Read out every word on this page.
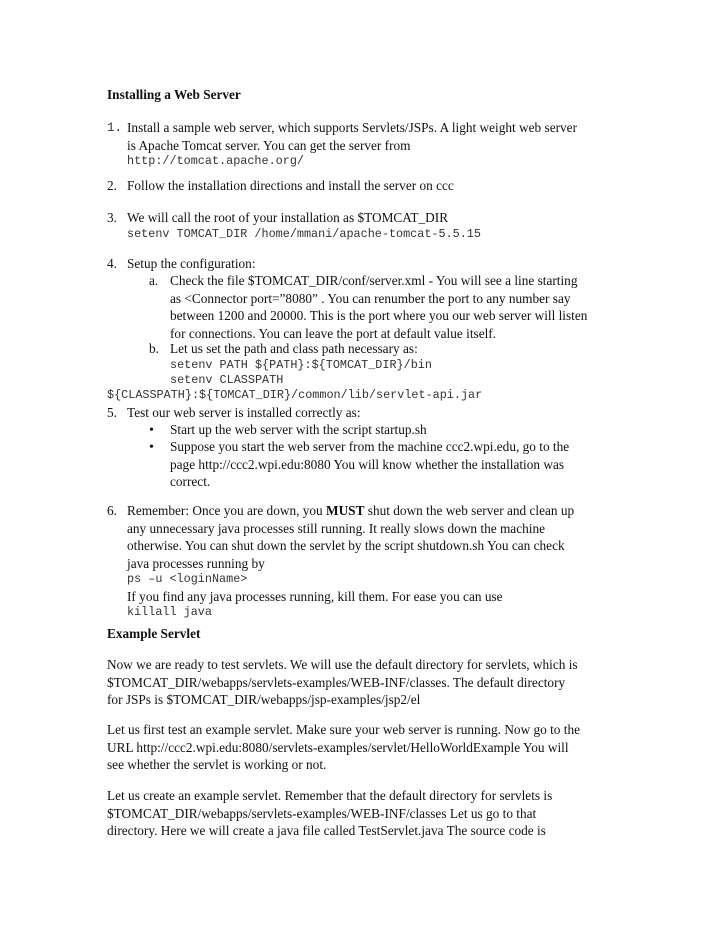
Installing a Web Server
1. Install a sample web server, which supports Servlets/JSPs. A light weight web server
is Apache Tomcat server. You can get the server from
http://tomcat.apache.org/
2. Follow the installation directions and install the server on ccc
3. We will call the root of your installation as $TOMCAT_DIR
setenv TOMCAT_DIR /home/mmani/apache-tomcat-5.5.15
4. Setup the configuration:
a. Check the file $TOMCAT_DIR/conf/server.xml - You will see a line starting
as <Connector port=”8080” . You can renumber the port to any number say
between 1200 and 20000. This is the port where you our web server will listen
for connections. You can leave the port at default value itself.
b. Let us set the path and class path necessary as:
setenv PATH ${PATH}:${TOMCAT_DIR}/bin
setenv CLASSPATH
${CLASSPATH}:${TOMCAT_DIR}/common/lib/servlet-api.jar
5. Test our web server is installed correctly as:
• Start up the web server with the script startup.sh
• Suppose you start the web server from the machine ccc2.wpi.edu, go to the
page http://ccc2.wpi.edu:8080 You will know whether the installation was
correct.
6. Remember: Once you are down, you MUST shut down the web server and clean up
any unnecessary java processes still running. It really slows down the machine
otherwise. You can shut down the servlet by the script shutdown.sh You can check
java processes running by
ps –u <loginName>
If you find any java processes running, kill them. For ease you can use
killall java
Example Servlet
Now we are ready to test servlets. We will use the default directory for servlets, which is
$TOMCAT_DIR/webapps/servlets-examples/WEB-INF/classes. The default directory
for JSPs is $TOMCAT_DIR/webapps/jsp-examples/jsp2/el
Let us first test an example servlet. Make sure your web server is running. Now go to the
URL http://ccc2.wpi.edu:8080/servlets-examples/servlet/HelloWorldExample You will
see whether the servlet is working or not.
Let us create an example servlet. Remember that the default directory for servlets is
$TOMCAT_DIR/webapps/servlets-examples/WEB-INF/classes Let us go to that
directory. Here we will create a java file called TestServlet.java The source code is
